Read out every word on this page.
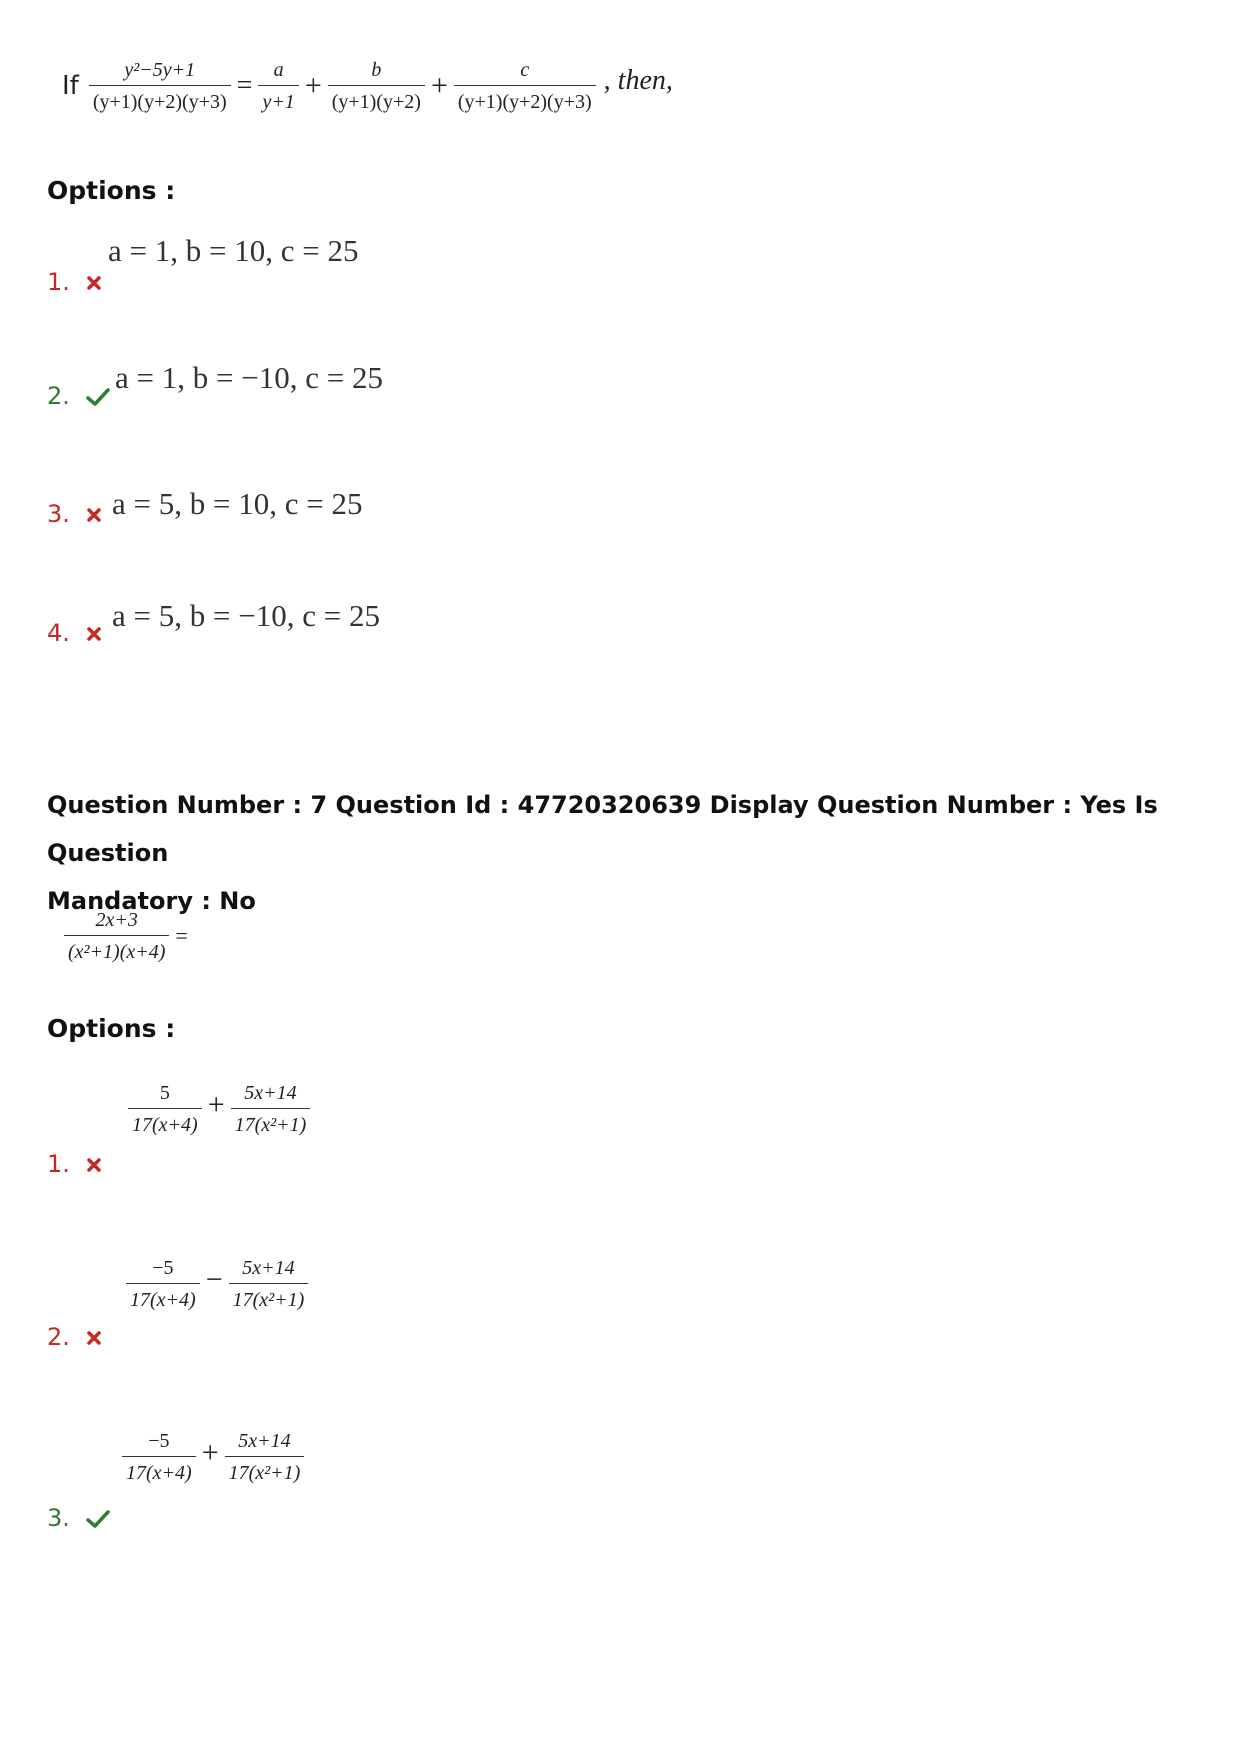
If $\frac{\text{y²−5y+1}}{(y+1)(y+2)(y+3)} = \frac{a}{y+1} + \frac{b}{(y+1)(y+2)} + \frac{c}{(y+1)(y+2)(y+3)}$ , then,
Options :
a = 1, b = 10, c = 25
1.
a = 1, b = −10, c = 25
2.
a = 5, b = 10, c = 25
3.
a = 5, b = −10, c = 25
4.
Question Number : 7 Question Id : 47720320639 Display Question Number : Yes Is Question
Mandatory : No
$\frac{2x+3}{\text{(x²+1)(x+4)}}$ =
Options :
$\frac{5}{17(x+4)} + \frac{5x+14}{\text{17(x²+1)}}$
1.
$\frac{-5}{17(x+4)} - \frac{5x+14}{\text{17(x²+1)}}$
2.
$\frac{-5}{17(x+4)} + \frac{5x+14}{\text{17(x²+1)}}$
3.
